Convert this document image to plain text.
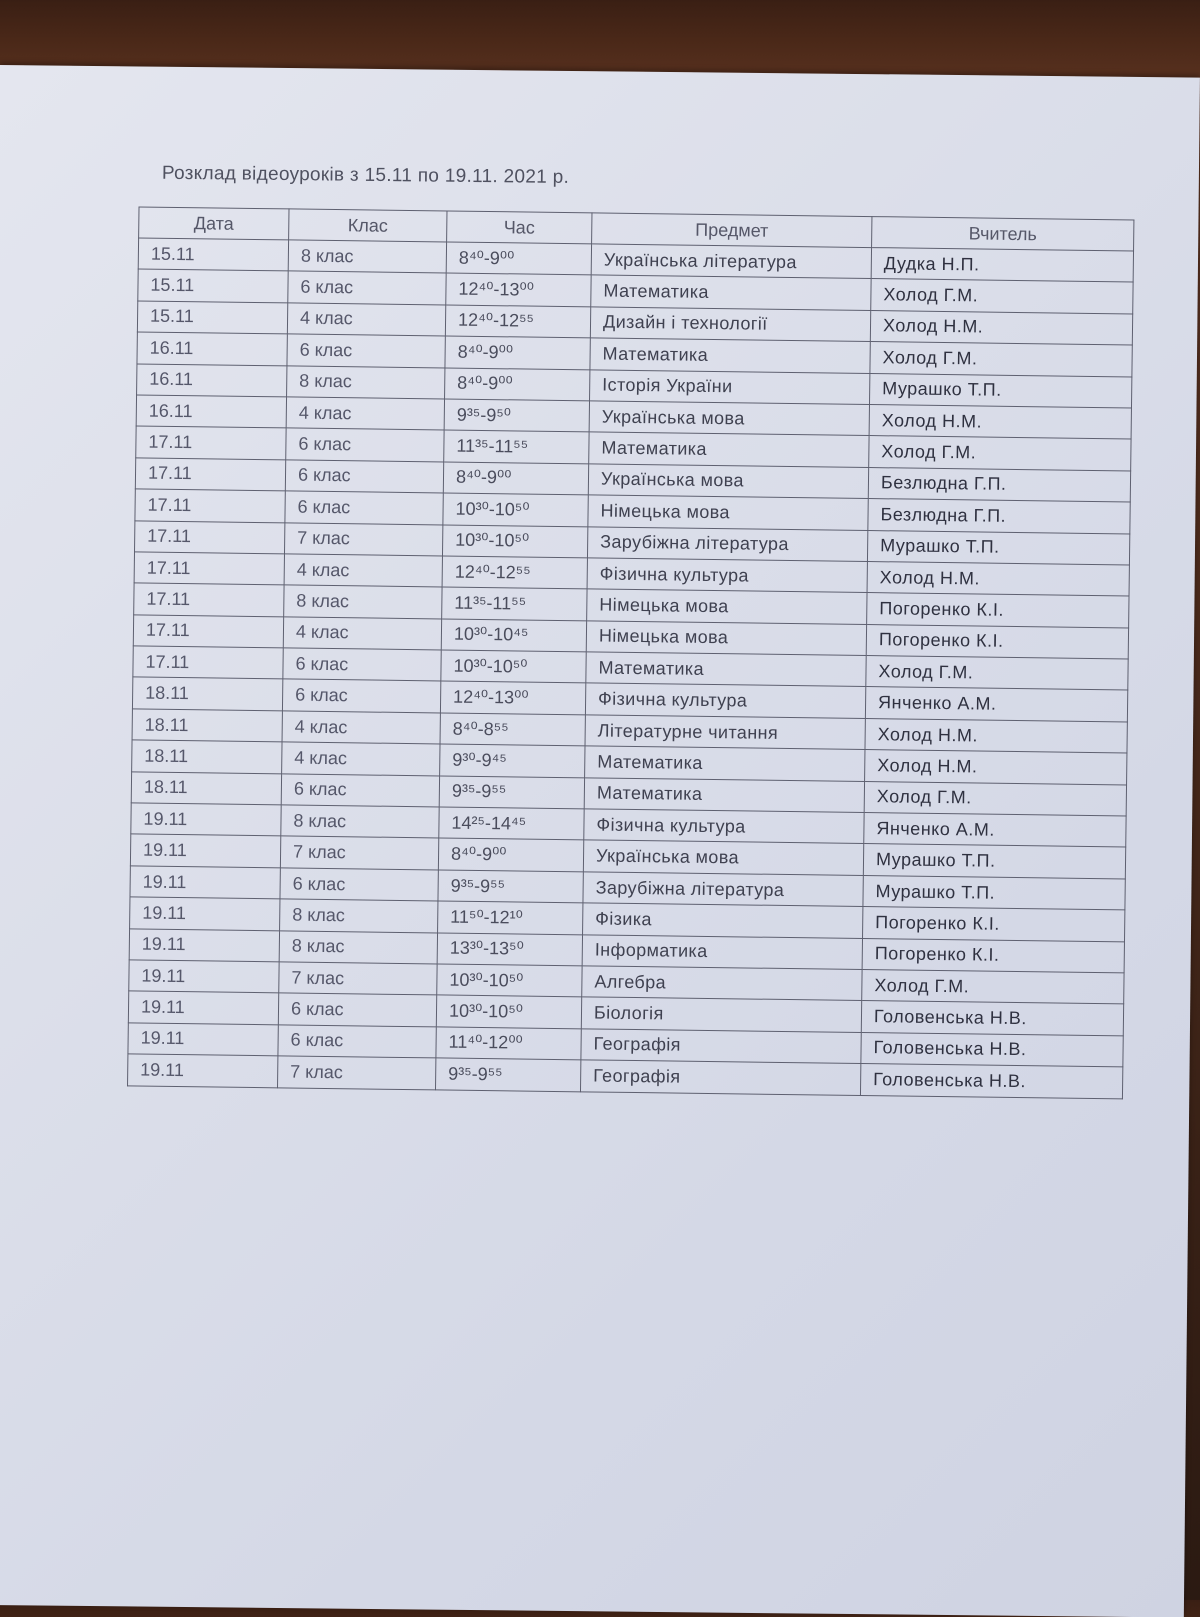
Розклад відеоуроків з 15.11 по 19.11. 2021 р.
Дата	Клас	Час	Предмет	Вчитель
15.11	8 клас	8⁴⁰-9⁰⁰	Українська література	Дудка Н.П.
15.11	6 клас	12⁴⁰-13⁰⁰	Математика	Холод Г.М.
15.11	4 клас	12⁴⁰-12⁵⁵	Дизайн і технології	Холод Н.М.
16.11	6 клас	8⁴⁰-9⁰⁰	Математика	Холод Г.М.
16.11	8 клас	8⁴⁰-9⁰⁰	Історія України	Мурашко Т.П.
16.11	4 клас	9³⁵-9⁵⁰	Українська мова	Холод Н.М.
17.11	6 клас	11³⁵-11⁵⁵	Математика	Холод Г.М.
17.11	6 клас	8⁴⁰-9⁰⁰	Українська мова	Безлюдна Г.П.
17.11	6 клас	10³⁰-10⁵⁰	Німецька мова	Безлюдна Г.П.
17.11	7 клас	10³⁰-10⁵⁰	Зарубіжна література	Мурашко Т.П.
17.11	4 клас	12⁴⁰-12⁵⁵	Фізична культура	Холод Н.М.
17.11	8 клас	11³⁵-11⁵⁵	Німецька мова	Погоренко К.І.
17.11	4 клас	10³⁰-10⁴⁵	Німецька мова	Погоренко К.І.
17.11	6 клас	10³⁰-10⁵⁰	Математика	Холод Г.М.
18.11	6 клас	12⁴⁰-13⁰⁰	Фізична культура	Янченко А.М.
18.11	4 клас	8⁴⁰-8⁵⁵	Літературне читання	Холод Н.М.
18.11	4 клас	9³⁰-9⁴⁵	Математика	Холод Н.М.
18.11	6 клас	9³⁵-9⁵⁵	Математика	Холод Г.М.
19.11	8 клас	14²⁵-14⁴⁵	Фізична культура	Янченко А.М.
19.11	7 клас	8⁴⁰-9⁰⁰	Українська мова	Мурашко Т.П.
19.11	6 клас	9³⁵-9⁵⁵	Зарубіжна література	Мурашко Т.П.
19.11	8 клас	11⁵⁰-12¹⁰	Фізика	Погоренко К.І.
19.11	8 клас	13³⁰-13⁵⁰	Інформатика	Погоренко К.І.
19.11	7 клас	10³⁰-10⁵⁰	Алгебра	Холод Г.М.
19.11	6 клас	10³⁰-10⁵⁰	Біологія	Головенська Н.В.
19.11	6 клас	11⁴⁰-12⁰⁰	Географія	Головенська Н.В.
19.11	7 клас	9³⁵-9⁵⁵	Географія	Головенська Н.В.
